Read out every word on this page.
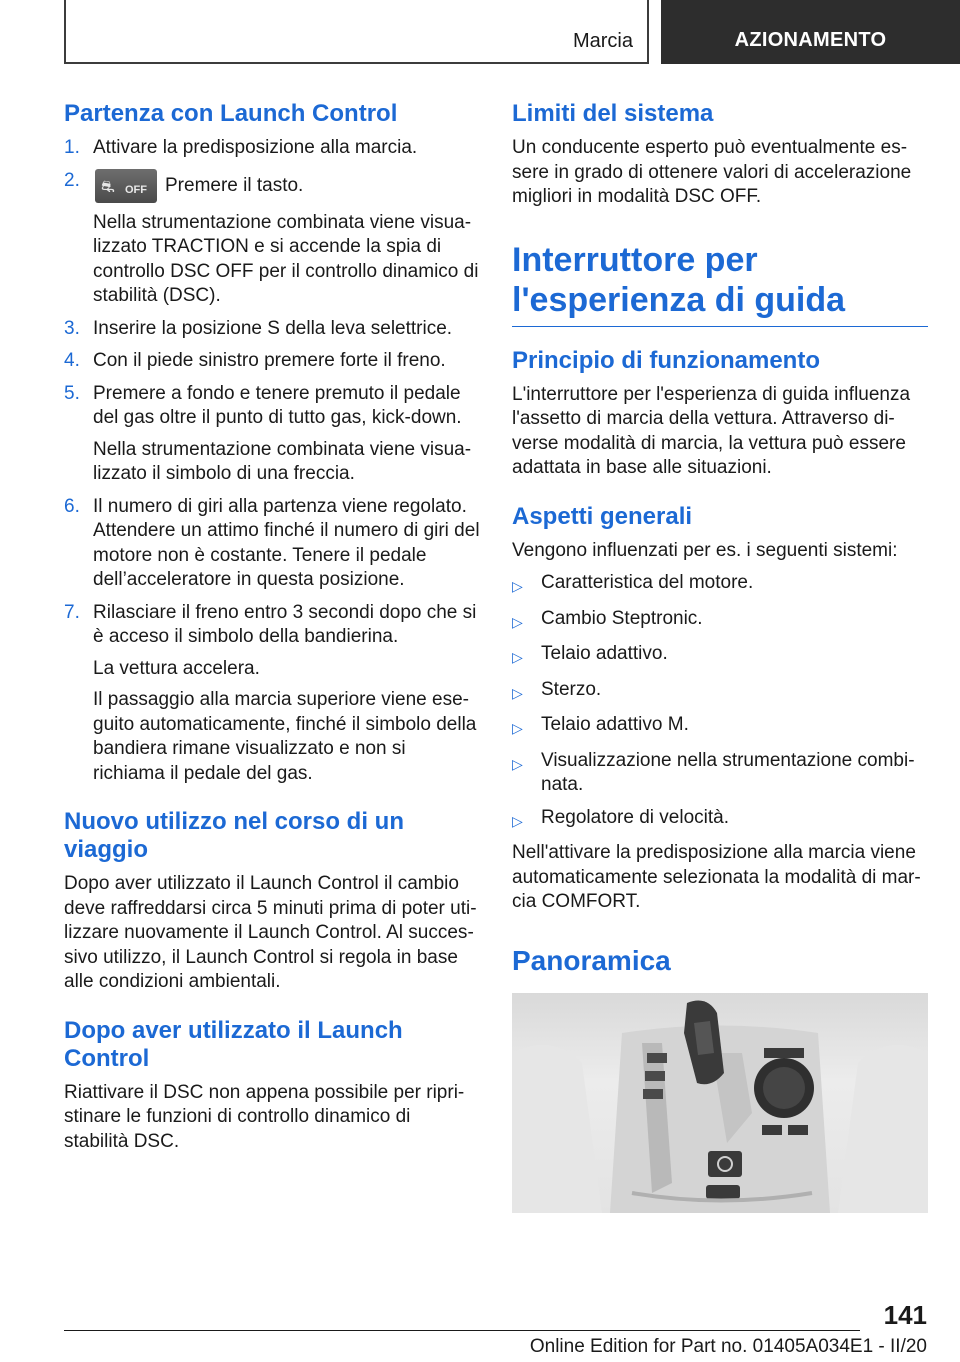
Marcia	AZIONAMENTO
Partenza con Launch Control
1. Attivare la predisposizione alla marcia.

2.	⛐ OFF Premere il tasto.

Nella strumentazione combinata viene visualizzato TRACTION e si accende la spia di controllo DSC OFF per il controllo dinamico di stabilità (DSC).

3. Inserire la posizione S della leva selettrice.

4. Con il piede sinistro premere forte il freno.

5. Premere a fondo e tenere premuto il pedale del gas oltre il punto di tutto gas, kick-down.

Nella strumentazione combinata viene visualizzato il simbolo di una freccia.

6. Il numero di giri alla partenza viene regolato. Attendere un attimo finché il numero di giri del motore non è costante. Tenere il pedale dell’acceleratore in questa posizione.

7. Rilasciare il freno entro 3 secondi dopo che si è acceso il simbolo della bandierina.

La vettura accelera.

Il passaggio alla marcia superiore viene eseguito automaticamente, finché il simbolo della bandiera rimane visualizzato e non si richiama il pedale del gas.

Nuovo utilizzo nel corso di un viaggio

Dopo aver utilizzato il Launch Control il cambio deve raffreddarsi circa 5 minuti prima di poter utilizzare nuovamente il Launch Control. Al successivo utilizzo, il Launch Control si regola in base alle condizioni ambientali.

Dopo aver utilizzato il Launch Control

Riattivare il DSC non appena possibile per ripristinare le funzioni di controllo dinamico di stabilità DSC.

Limiti del sistema

Un conducente esperto può eventualmente essere in grado di ottenere valori di accelerazione migliori in modalità DSC OFF.

Interruttore per l'esperienza di guida
Principio di funzionamento

L'interruttore per l'esperienza di guida influenza l'assetto di marcia della vettura. Attraverso diverse modalità di marcia, la vettura può essere adattata in base alle situazioni.

Aspetti generali

Vengono influenzati per es. i seguenti sistemi:

▷ Caratteristica del motore.
▷ Cambio Steptronic.
▷ Telaio adattivo.
▷ Sterzo.
▷ Telaio adattivo M.
▷ Visualizzazione nella strumentazione combinata.
▷ Regolatore di velocità.

Nell'attivare la predisposizione alla marcia viene automaticamente selezionata la modalità di marcia COMFORT.

Panoramica
141
Online Edition for Part no. 01405A034E1 - II/20
